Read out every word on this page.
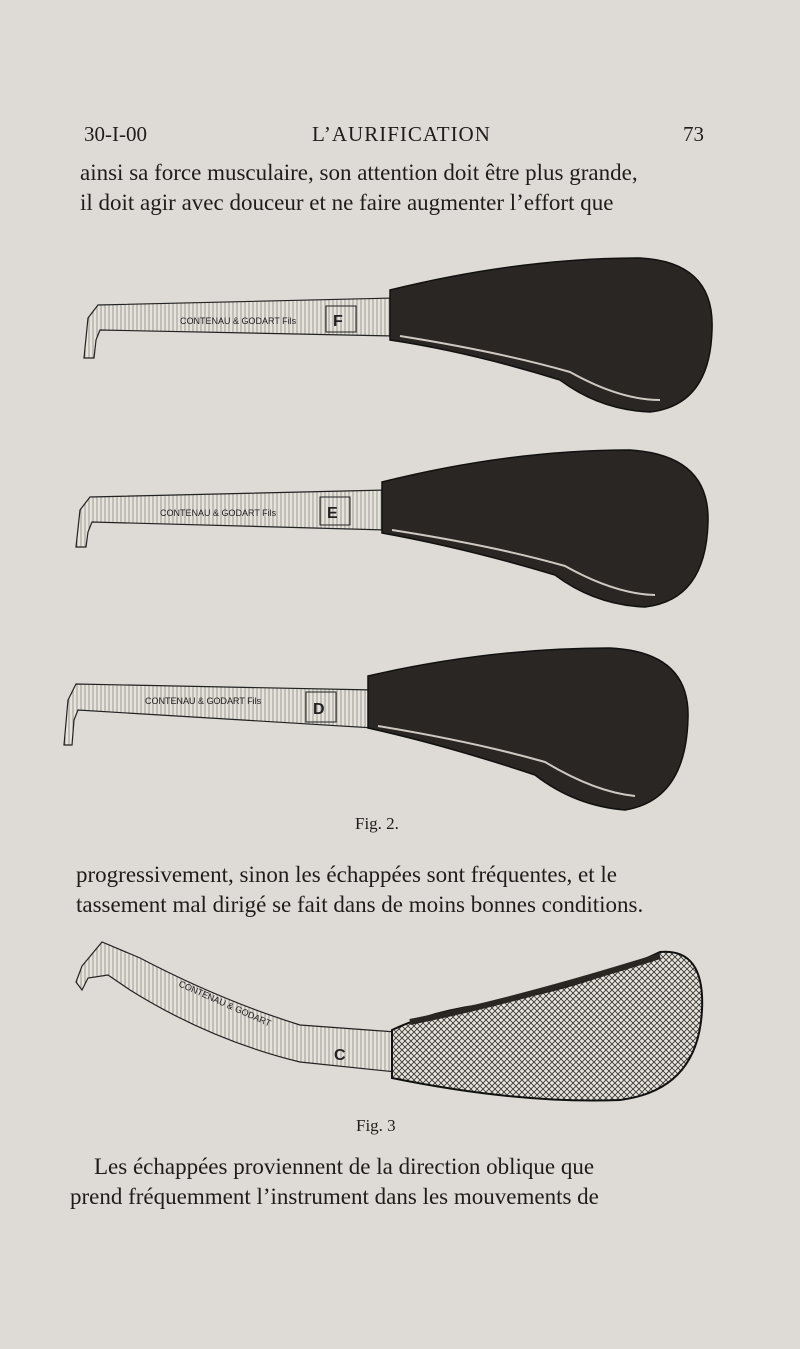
30-I-00	L’AURIFICATION	73
ainsi sa force musculaire, son attention doit être plus grande,
il doit agir avec douceur et ne faire augmenter l’effort que
CONTENAU & GODART Fils F
CONTENAU & GODART Fils	E
CONTENAU & GODART Fils	D
CONTENAU & GODART
C
Fig. 2.
progressivement, sinon les échappées sont fréquentes, et le
tassement mal dirigé se fait dans de moins bonnes conditions.
Fig. 3
Les échappées proviennent de la direction oblique que
prend fréquemment l’instrument dans les mouvements de
